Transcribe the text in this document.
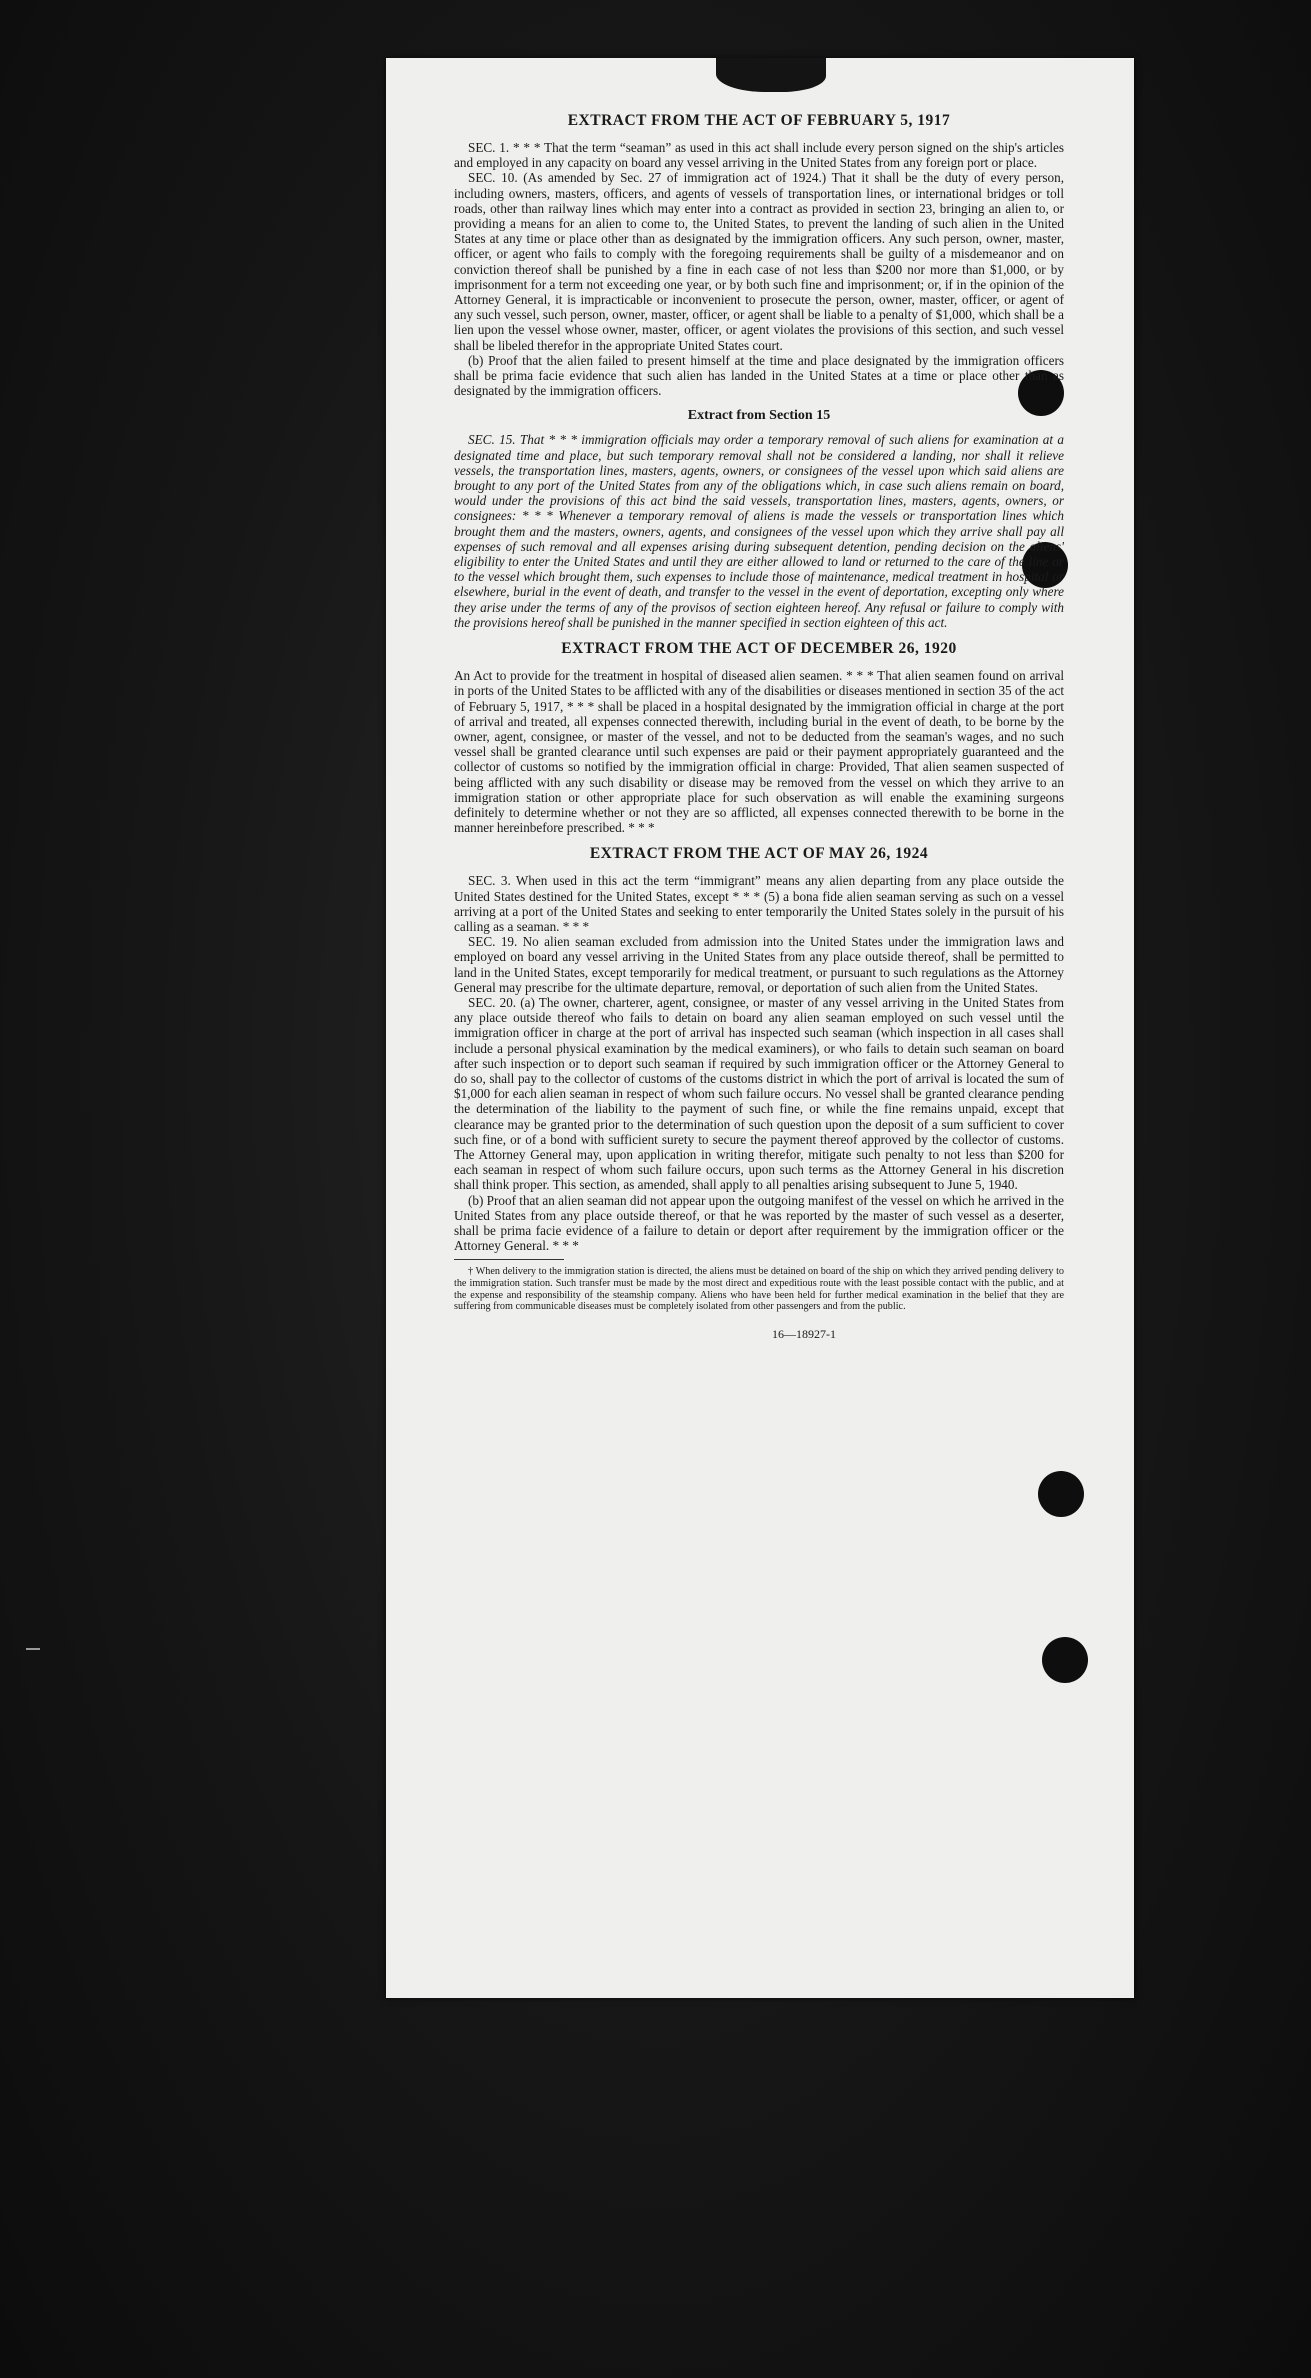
EXTRACT FROM THE ACT OF FEBRUARY 5, 1917

SEC. 1. * * * That the term “seaman” as used in this act shall include every person signed on the ship's articles and employed in any capacity on board any vessel arriving in the United States from any foreign port or place.

SEC. 10. (As amended by Sec. 27 of immigration act of 1924.) That it shall be the duty of every person, including owners, masters, officers, and agents of vessels of transportation lines, or international bridges or toll roads, other than railway lines which may enter into a contract as provided in section 23, bringing an alien to, or providing a means for an alien to come to, the United States, to prevent the landing of such alien in the United States at any time or place other than as designated by the immigration officers. Any such person, owner, master, officer, or agent who fails to comply with the foregoing requirements shall be guilty of a misdemeanor and on conviction thereof shall be punished by a fine in each case of not less than $200 nor more than $1,000, or by imprisonment for a term not exceeding one year, or by both such fine and imprisonment; or, if in the opinion of the Attorney General, it is impracticable or inconvenient to prosecute the person, owner, master, officer, or agent of any such vessel, such person, owner, master, officer, or agent shall be liable to a penalty of $1,000, which shall be a lien upon the vessel whose owner, master, officer, or agent violates the provisions of this section, and such vessel shall be libeled therefor in the appropriate United States court.

(b) Proof that the alien failed to present himself at the time and place designated by the immigration officers shall be prima facie evidence that such alien has landed in the United States at a time or place other than as designated by the immigration officers.

Extract from Section 15

SEC. 15. That * * * immigration officials may order a temporary removal of such aliens for examination at a designated time and place, but such temporary removal shall not be considered a landing, nor shall it relieve vessels, the transportation lines, masters, agents, owners, or consignees of the vessel upon which said aliens are brought to any port of the United States from any of the obligations which, in case such aliens remain on board, would under the provisions of this act bind the said vessels, transportation lines, masters, agents, owners, or consignees: * * * Whenever a temporary removal of aliens is made the vessels or transportation lines which brought them and the masters, owners, agents, and consignees of the vessel upon which they arrive shall pay all expenses of such removal and all expenses arising during subsequent detention, pending decision on the aliens' eligibility to enter the United States and until they are either allowed to land or returned to the care of the line or to the vessel which brought them, such expenses to include those of maintenance, medical treatment in hospital or elsewhere, burial in the event of death, and transfer to the vessel in the event of deportation, excepting only where they arise under the terms of any of the provisos of section eighteen hereof. Any refusal or failure to comply with the provisions hereof shall be punished in the manner specified in section eighteen of this act.

EXTRACT FROM THE ACT OF DECEMBER 26, 1920

An Act to provide for the treatment in hospital of diseased alien seamen. * * * That alien seamen found on arrival in ports of the United States to be afflicted with any of the disabilities or diseases mentioned in section 35 of the act of February 5, 1917, * * * shall be placed in a hospital designated by the immigration official in charge at the port of arrival and treated, all expenses connected therewith, including burial in the event of death, to be borne by the owner, agent, consignee, or master of the vessel, and not to be deducted from the seaman's wages, and no such vessel shall be granted clearance until such expenses are paid or their payment appropriately guaranteed and the collector of customs so notified by the immigration official in charge: Provided, That alien seamen suspected of being afflicted with any such disability or disease may be removed from the vessel on which they arrive to an immigration station or other appropriate place for such observation as will enable the examining surgeons definitely to determine whether or not they are so afflicted, all expenses connected therewith to be borne in the manner hereinbefore prescribed. * * *

EXTRACT FROM THE ACT OF MAY 26, 1924

SEC. 3. When used in this act the term “immigrant” means any alien departing from any place outside the United States destined for the United States, except * * * (5) a bona fide alien seaman serving as such on a vessel arriving at a port of the United States and seeking to enter temporarily the United States solely in the pursuit of his calling as a seaman. * * *

SEC. 19. No alien seaman excluded from admission into the United States under the immigration laws and employed on board any vessel arriving in the United States from any place outside thereof, shall be permitted to land in the United States, except temporarily for medical treatment, or pursuant to such regulations as the Attorney General may prescribe for the ultimate departure, removal, or deportation of such alien from the United States.

SEC. 20. (a) The owner, charterer, agent, consignee, or master of any vessel arriving in the United States from any place outside thereof who fails to detain on board any alien seaman employed on such vessel until the immigration officer in charge at the port of arrival has inspected such seaman (which inspection in all cases shall include a personal physical examination by the medical examiners), or who fails to detain such seaman on board after such inspection or to deport such seaman if required by such immigration officer or the Attorney General to do so, shall pay to the collector of customs of the customs district in which the port of arrival is located the sum of $1,000 for each alien seaman in respect of whom such failure occurs. No vessel shall be granted clearance pending the determination of the liability to the payment of such fine, or while the fine remains unpaid, except that clearance may be granted prior to the determination of such question upon the deposit of a sum sufficient to cover such fine, or of a bond with sufficient surety to secure the payment thereof approved by the collector of customs. The Attorney General may, upon application in writing therefor, mitigate such penalty to not less than $200 for each seaman in respect of whom such failure occurs, upon such terms as the Attorney General in his discretion shall think proper. This section, as amended, shall apply to all penalties arising subsequent to June 5, 1940.

(b) Proof that an alien seaman did not appear upon the outgoing manifest of the vessel on which he arrived in the United States from any place outside thereof, or that he was reported by the master of such vessel as a deserter, shall be prima facie evidence of a failure to detain or deport after requirement by the immigration officer or the Attorney General. * * *

† When delivery to the immigration station is directed, the aliens must be detained on board of the ship on which they arrived pending delivery to the immigration station. Such transfer must be made by the most direct and expeditious route with the least possible contact with the public, and at the expense and responsibility of the steamship company. Aliens who have been held for further medical examination in the belief that they are suffering from communicable diseases must be completely isolated from other passengers and from the public.

16—18927-1
